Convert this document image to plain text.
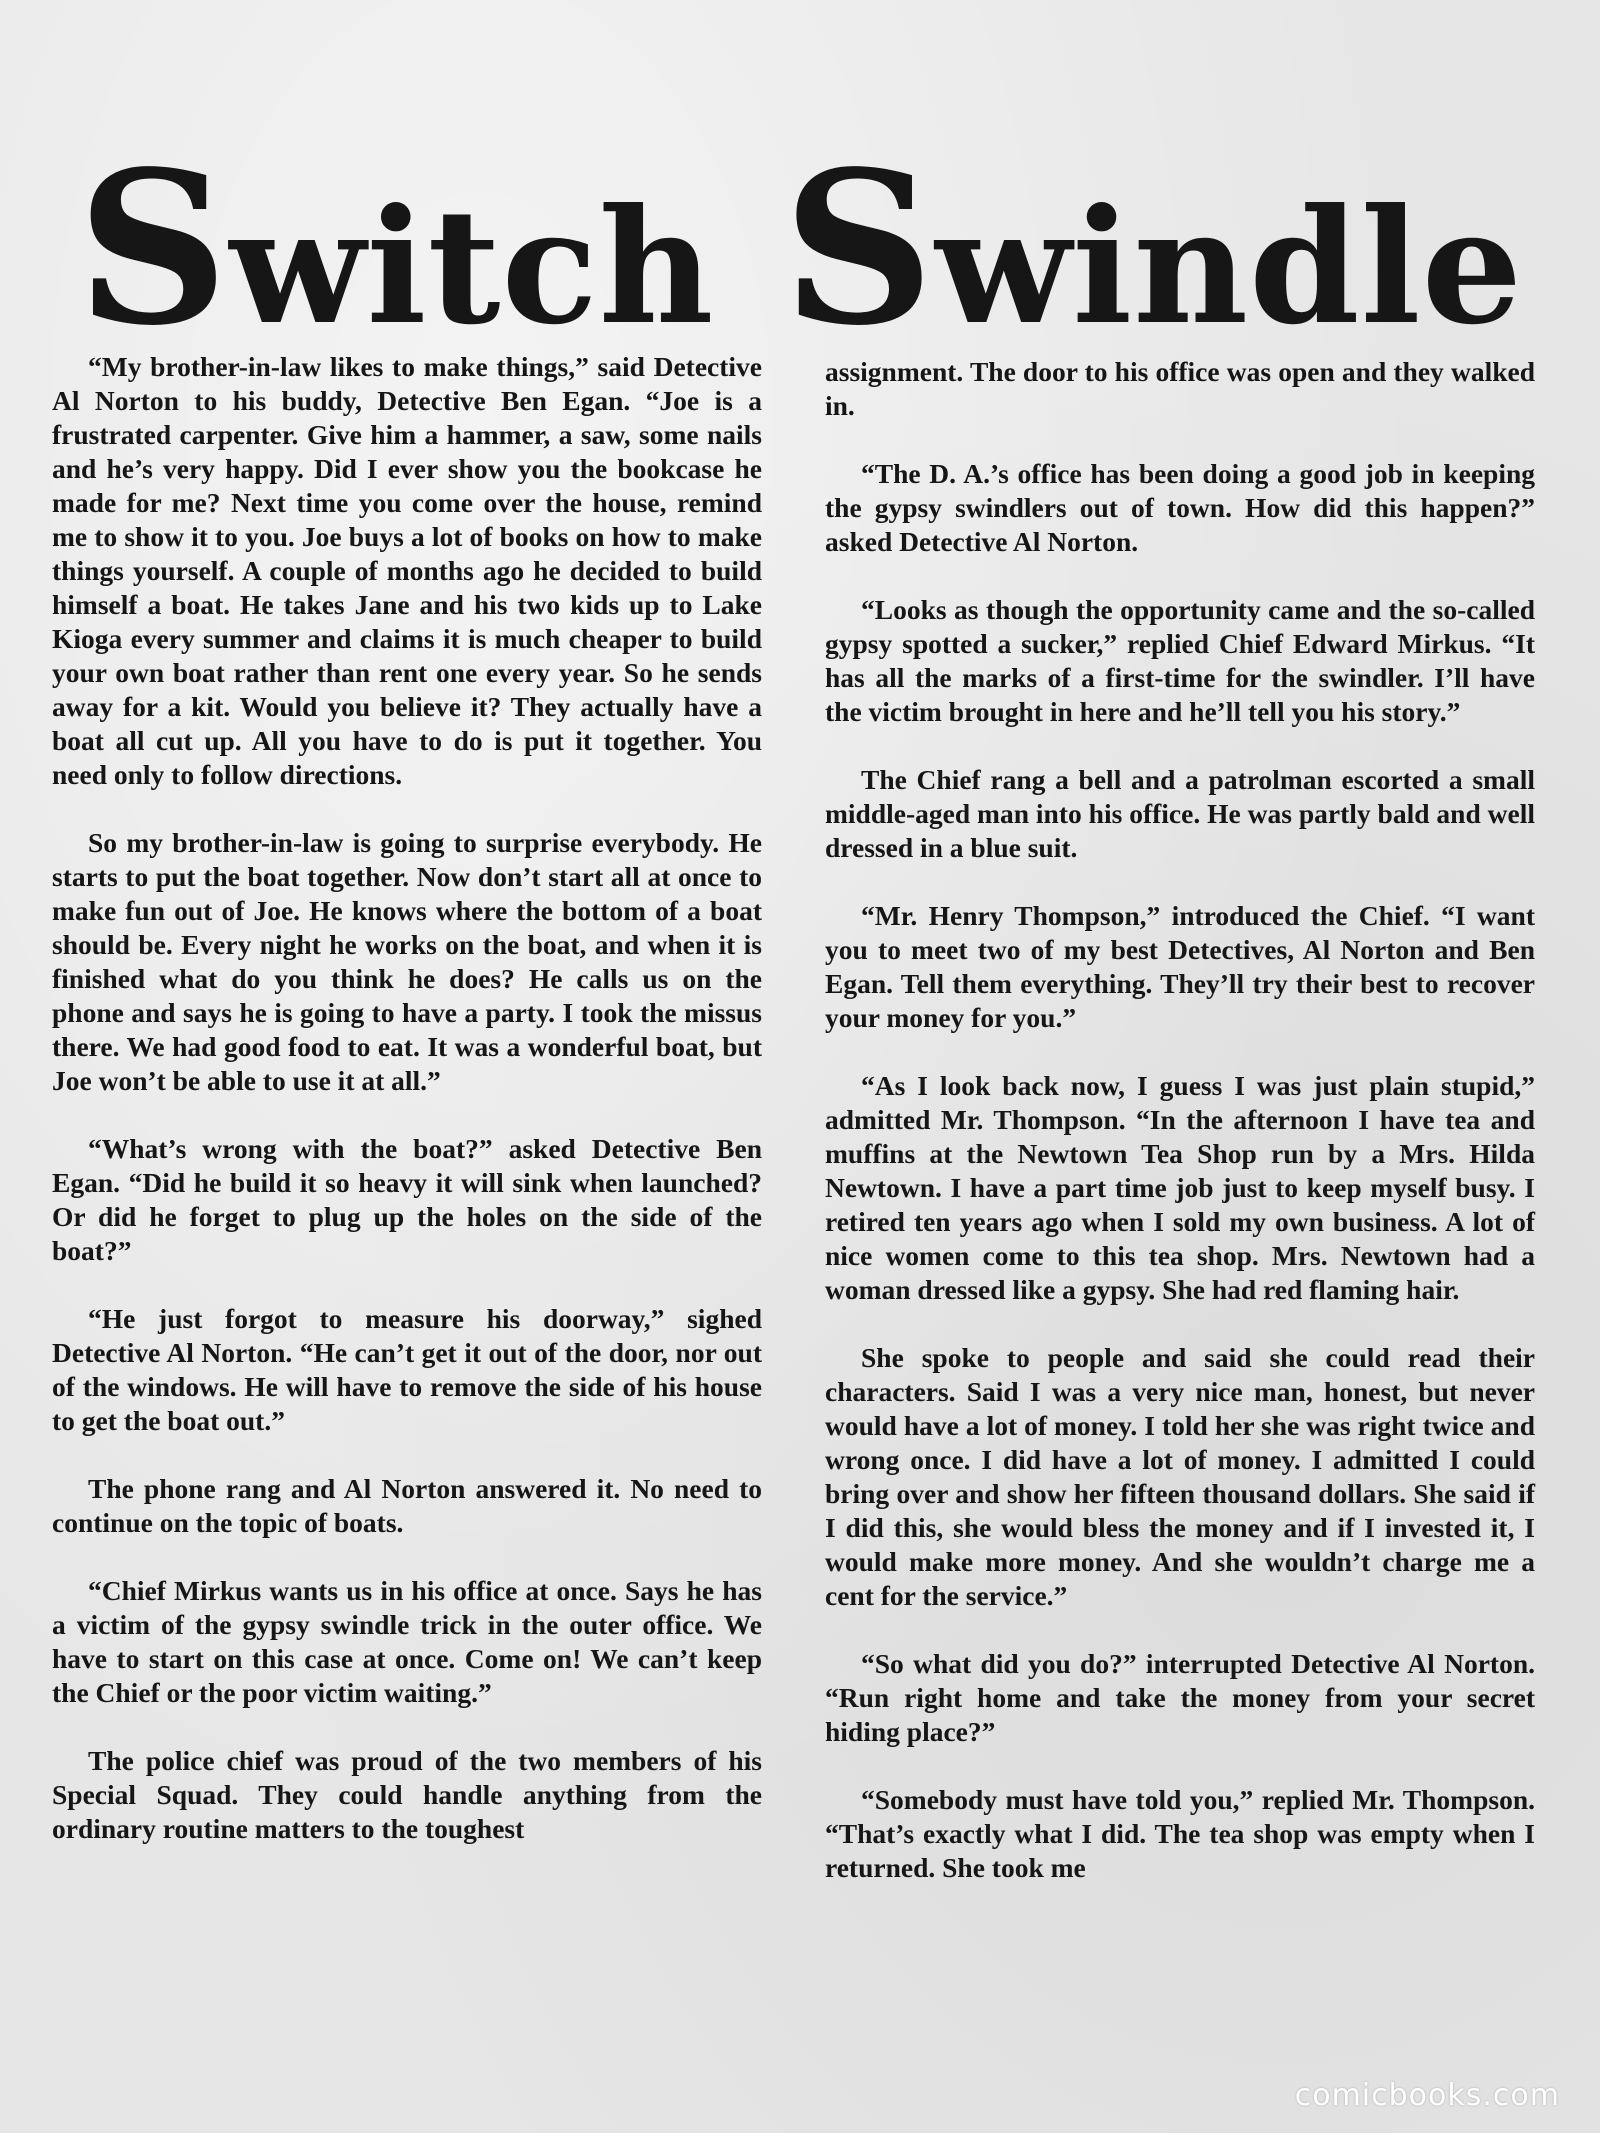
Switch Swindle

“My brother-in-law likes to make things,” said Detective Al Norton to his buddy, Detective Ben Egan. “Joe is a frustrated carpenter. Give him a hammer, a saw, some nails and he’s very happy. Did I ever show you the bookcase he made for me? Next time you come over the house, remind me to show it to you. Joe buys a lot of books on how to make things yourself. A couple of months ago he decided to build himself a boat. He takes Jane and his two kids up to Lake Kioga every summer and claims it is much cheaper to build your own boat rather than rent one every year. So he sends away for a kit. Would you believe it? They actually have a boat all cut up. All you have to do is put it together. You need only to follow directions.

So my brother-in-law is going to surprise everybody. He starts to put the boat together. Now don’t start all at once to make fun out of Joe. He knows where the bottom of a boat should be. Every night he works on the boat, and when it is finished what do you think he does? He calls us on the phone and says he is going to have a party. I took the missus there. We had good food to eat. It was a wonderful boat, but Joe won’t be able to use it at all.”

“What’s wrong with the boat?” asked Detective Ben Egan. “Did he build it so heavy it will sink when launched? Or did he forget to plug up the holes on the side of the boat?”

“He just forgot to measure his doorway,” sighed Detective Al Norton. “He can’t get it out of the door, nor out of the windows. He will have to remove the side of his house to get the boat out.”

The phone rang and Al Norton answered it. No need to continue on the topic of boats.

“Chief Mirkus wants us in his office at once. Says he has a victim of the gypsy swindle trick in the outer office. We have to start on this case at once. Come on! We can’t keep the Chief or the poor victim waiting.”

The police chief was proud of the two members of his Special Squad. They could handle anything from the ordinary routine matters to the toughest

assignment. The door to his office was open and they walked in.

“The D. A.’s office has been doing a good job in keeping the gypsy swindlers out of town. How did this happen?” asked Detective Al Norton.

“Looks as though the opportunity came and the so-called gypsy spotted a sucker,” replied Chief Edward Mirkus. “It has all the marks of a first-time for the swindler. I’ll have the victim brought in here and he’ll tell you his story.”

The Chief rang a bell and a patrolman escorted a small middle-aged man into his office. He was partly bald and well dressed in a blue suit.

“Mr. Henry Thompson,” introduced the Chief. “I want you to meet two of my best Detectives, Al Norton and Ben Egan. Tell them everything. They’ll try their best to recover your money for you.”

“As I look back now, I guess I was just plain stupid,” admitted Mr. Thompson. “In the afternoon I have tea and muffins at the Newtown Tea Shop run by a Mrs. Hilda Newtown. I have a part time job just to keep myself busy. I retired ten years ago when I sold my own business. A lot of nice women come to this tea shop. Mrs. Newtown had a woman dressed like a gypsy. She had red flaming hair.

She spoke to people and said she could read their characters. Said I was a very nice man, honest, but never would have a lot of money. I told her she was right twice and wrong once. I did have a lot of money. I admitted I could bring over and show her fifteen thousand dollars. She said if I did this, she would bless the money and if I invested it, I would make more money. And she wouldn’t charge me a cent for the service.”

“So what did you do?” interrupted Detective Al Norton. “Run right home and take the money from your secret hiding place?”

“Somebody must have told you,” replied Mr. Thompson. “That’s exactly what I did. The tea shop was empty when I returned. She took me

comicbooks.com
